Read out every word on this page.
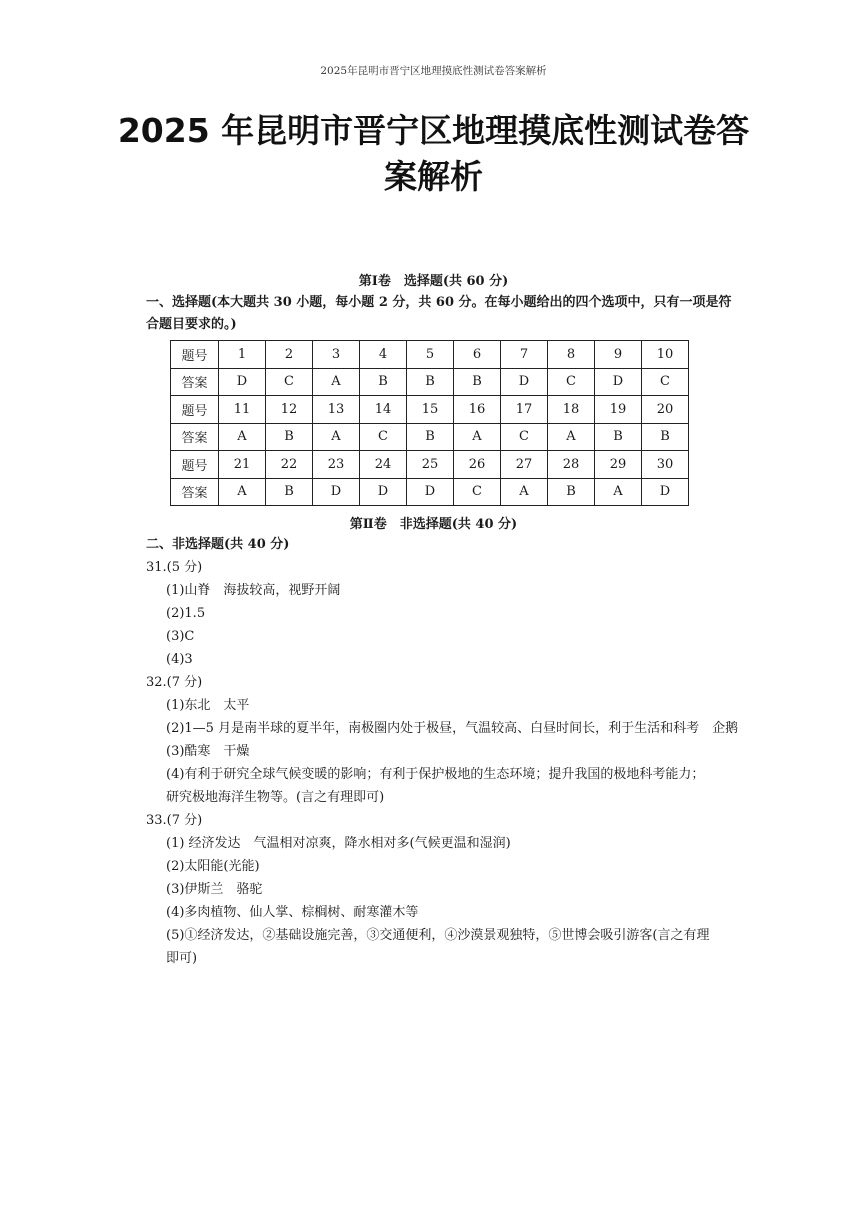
2025年昆明市晋宁区地理摸底性测试卷答案解析
2025 年昆明市晋宁区地理摸底性测试卷答
案解析
第Ⅰ卷　选择题(共 60 分)
一、选择题(本大题共 30 小题，每小题 2 分，共 60 分。在每小题给出的四个选项中，只有一项是符
合题目要求的。)
题号	1	2	3	4	5	6	7	8	9	10
答案	D	C	A	B	B	B	D	C	D	C
题号	11	12	13	14	15	16	17	18	19	20
答案	A	B	A	C	B	A	C	A	B	B
题号	21	22	23	24	25	26	27	28	29	30
答案	A	B	D	D	D	C	A	B	A	D
第Ⅱ卷　非选择题(共 40 分)
二、非选择题(共 40 分)
31.(5 分)
(1)山脊　海拔较高，视野开阔
(2)1.5
(3)C
(4)3
32.(7 分)
(1)东北　太平
(2)1—5 月是南半球的夏半年，南极圈内处于极昼，气温较高、白昼时间长，利于生活和科考　企鹅
(3)酷寒　干燥
(4)有利于研究全球气候变暖的影响；有利于保护极地的生态环境；提升我国的极地科考能力；
研究极地海洋生物等。(言之有理即可)
33.(7 分)
(1) 经济发达　气温相对凉爽，降水相对多(气候更温和湿润)
(2)太阳能(光能)
(3)伊斯兰　骆驼
(4)多肉植物、仙人掌、棕榈树、耐寒灌木等
(5)①经济发达，②基础设施完善，③交通便利，④沙漠景观独特，⑤世博会吸引游客(言之有理
即可)
